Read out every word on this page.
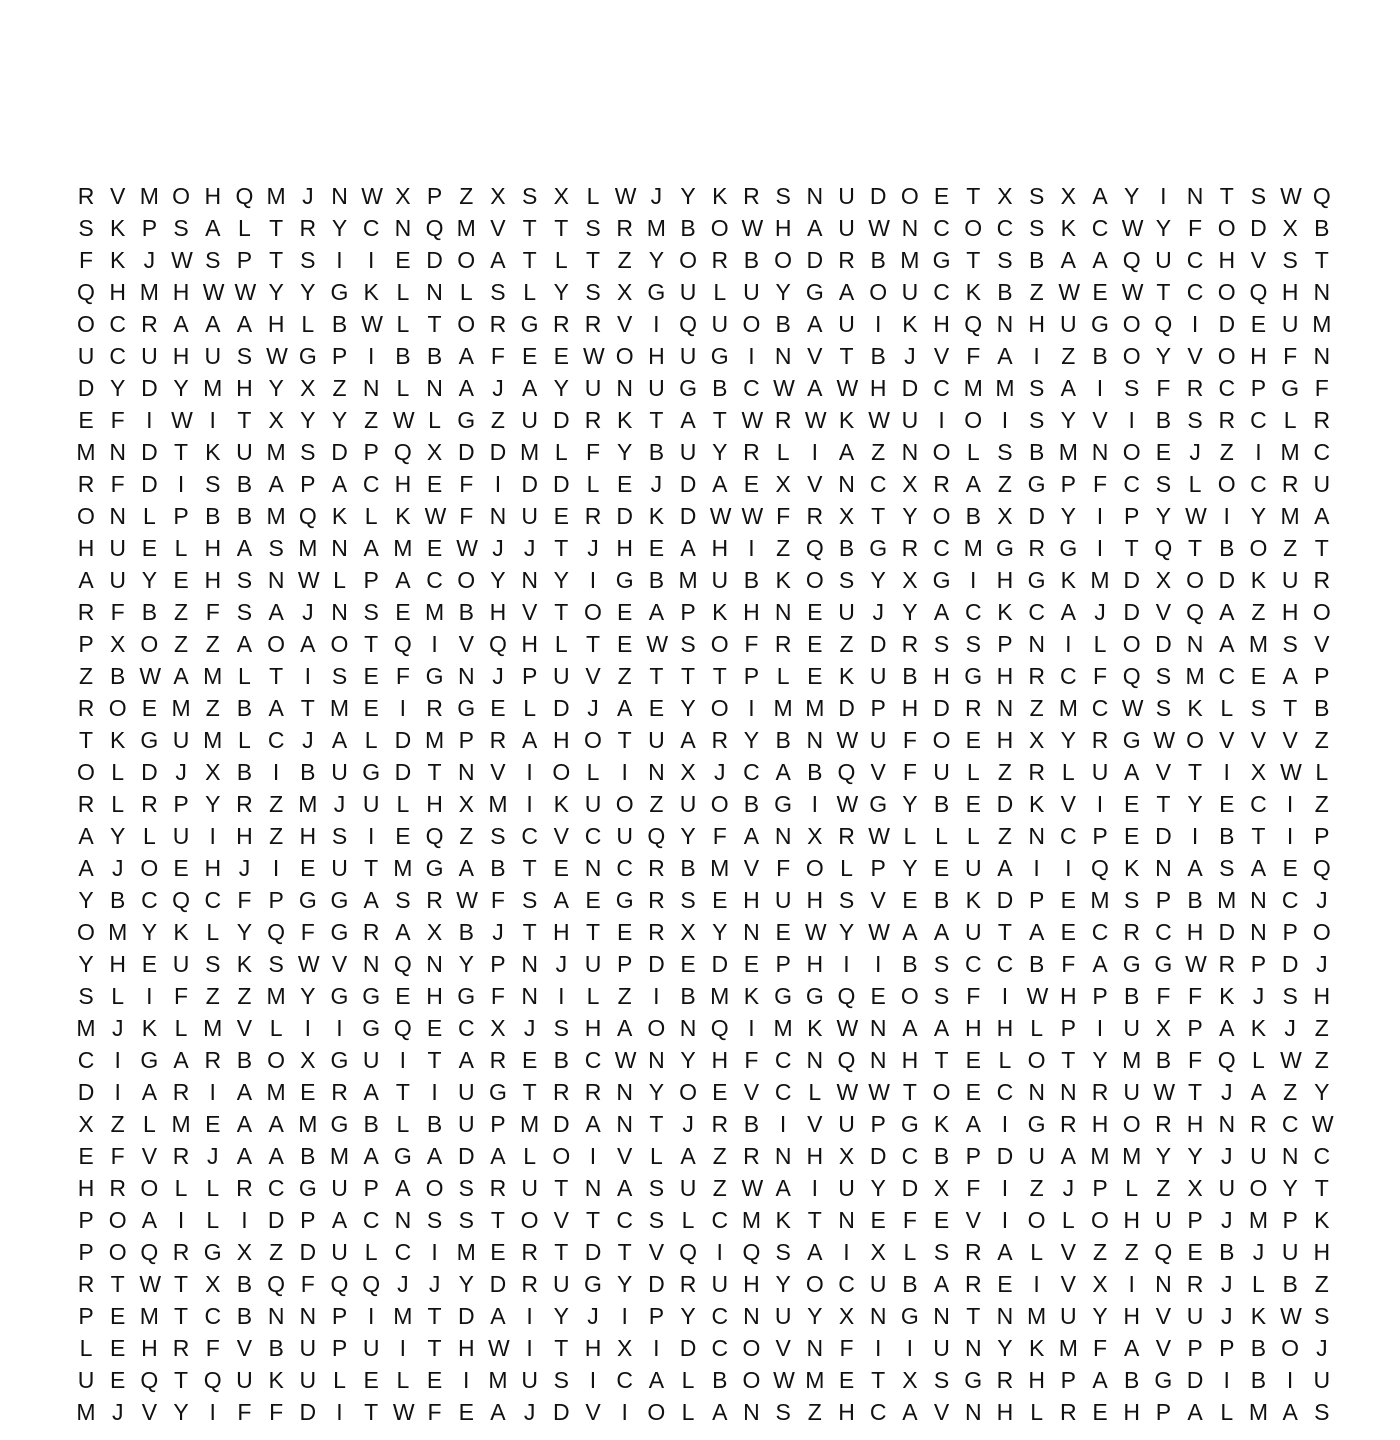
R V M O H Q M J N W X P Z X S X L W J Y K R S N U D O E T X S X A Y I N T S W Q
S K P S A L T R Y C N Q M V T T S R M B O W H A U W N C O C S K C W Y F O D X B
F K J W S P T S I I E D O A T L T Z Y O R B O D R B M G T S B A A Q U C H V S T
Q H M H W W Y Y G K L N L S L Y S X G U L U Y G A O U C K B Z W E W T C O Q H N
O C R A A A H L B W L T O R G R R V I Q U O B A U I K H Q N H U G O Q I D E U M
U C U H U S W G P I B B A F E E W O H U G I N V T B J V F A I Z B O Y V O H F N
D Y D Y M H Y X Z N L N A J A Y U N U G B C W A W H D C M M S A I S F R C P G F
E F I W I T X Y Y Z W L G Z U D R K T A T W R W K W U I O I S Y V I B S R C L R
M N D T K U M S D P Q X D D M L F Y B U Y R L I A Z N O L S B M N O E J Z I M C
R F D I S B A P A C H E F I D D L E J D A E X V N C X R A Z G P F C S L O C R U
O N L P B B M Q K L K W F N U E R D K D W W F R X T Y O B X D Y I P Y W I Y M A
H U E L H A S M N A M E W J J T J H E A H I Z Q B G R C M G R G I T Q T B O Z T
A U Y E H S N W L P A C O Y N Y I G B M U B K O S Y X G I H G K M D X O D K U R
R F B Z F S A J N S E M B H V T O E A P K H N E U J Y A C K C A J D V Q A Z H O
P X O Z Z A O A O T Q I V Q H L T E W S O F R E Z D R S S P N I L O D N A M S V
Z B W A M L T I S E F G N J P U V Z T T T P L E K U B H G H R C F Q S M C E A P
R O E M Z B A T M E I R G E L D J A E Y O I M M D P H D R N Z M C W S K L S T B
T K G U M L C J A L D M P R A H O T U A R Y B N W U F O E H X Y R G W O V V V Z
O L D J X B I B U G D T N V I O L I N X J C A B Q V F U L Z R L U A V T I X W L
R L R P Y R Z M J U L H X M I K U O Z U O B G I W G Y B E D K V I E T Y E C I Z
A Y L U I H Z H S I E Q Z S C V C U Q Y F A N X R W L L L Z N C P E D I B T I P
A J O E H J I E U T M G A B T E N C R B M V F O L P Y E U A I I Q K N A S A E Q
Y B C Q C F P G G A S R W F S A E G R S E H U H S V E B K D P E M S P B M N C J
O M Y K L Y Q F G R A X B J T H T E R X Y N E W Y W A A U T A E C R C H D N P O
Y H E U S K S W V N Q N Y P N J U P D E D E P H I I B S C C B F A G G W R P D J
S L I F Z Z M Y G G E H G F N I L Z I B M K G G Q E O S F I W H P B F F K J S H
M J K L M V L I I G Q E C X J S H A O N Q I M K W N A A H H L P I U X P A K J Z
C I G A R B O X G U I T A R E B C W N Y H F C N Q N H T E L O T Y M B F Q L W Z
D I A R I A M E R A T I U G T R R N Y O E V C L W W T O E C N N R U W T J A Z Y
X Z L M E A A M G B L B U P M D A N T J R B I V U P G K A I G R H O R H N R C W
E F V R J A A B M A G A D A L O I V L A Z R N H X D C B P D U A M M Y Y J U N C
H R O L L R C G U P A O S R U T N A S U Z W A I U Y D X F I Z J P L Z X U O Y T
P O A I L I D P A C N S S T O V T C S L C M K T N E F E V I O L O H U P J M P K
P O Q R G X Z D U L C I M E R T D T V Q I Q S A I X L S R A L V Z Z Q E B J U H
R T W T X B Q F Q Q J J Y D R U G Y D R U H Y O C U B A R E I V X I N R J L B Z
P E M T C B N N P I M T D A I Y J I P Y C N U Y X N G N T N M U Y H V U J K W S
L E H R F V B U P U I T H W I T H X I D C O V N F I I U N Y K M F A V P P B O J
U E Q T Q U K U L E L E I M U S I C A L B O W M E T X S G R H P A B G D I B I U
M J V Y I F F D I T W F E A J D V I O L A N S Z H C A V N H L R E H P A L M A S
